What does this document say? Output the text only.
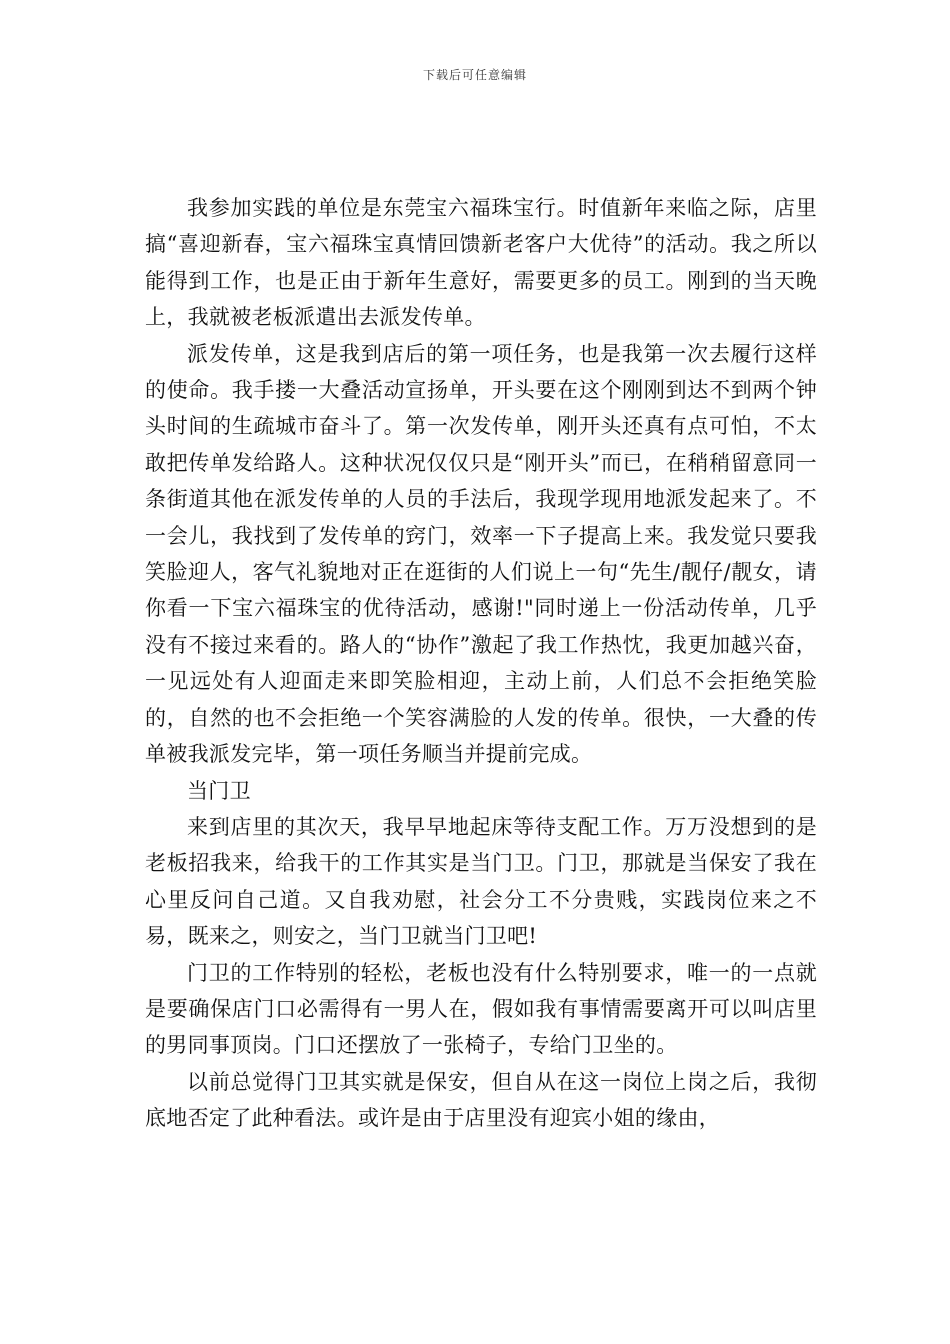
下载后可任意编辑

我参加实践的单位是东莞宝六福珠宝行。时值新年来临之际，店里搞“喜迎新春，宝六福珠宝真情回馈新老客户大优待”的活动。我之所以能得到工作，也是正由于新年生意好，需要更多的员工。刚到的当天晚上，我就被老板派遣出去派发传单。

派发传单，这是我到店后的第一项任务，也是我第一次去履行这样的使命。我手搂一大叠活动宣扬单，开头要在这个刚刚到达不到两个钟头时间的生疏城市奋斗了。第一次发传单，刚开头还真有点可怕，不太敢把传单发给路人。这种状况仅仅只是“刚开头”而已，在稍稍留意同一条街道其他在派发传单的人员的手法后，我现学现用地派发起来了。不一会儿，我找到了发传单的窍门，效率一下子提高上来。我发觉只要我笑脸迎人，客气礼貌地对正在逛街的人们说上一句“先生/靓仔/靓女，请你看一下宝六福珠宝的优待活动，感谢!"同时递上一份活动传单，几乎没有不接过来看的。路人的“协作”激起了我工作热忱，我更加越兴奋，一见远处有人迎面走来即笑脸相迎，主动上前，人们总不会拒绝笑脸的，自然的也不会拒绝一个笑容满脸的人发的传单。很快，一大叠的传单被我派发完毕，第一项任务顺当并提前完成。

当门卫

来到店里的其次天，我早早地起床等待支配工作。万万没想到的是老板招我来，给我干的工作其实是当门卫。门卫，那就是当保安了我在心里反问自己道。又自我劝慰，社会分工不分贵贱，实践岗位来之不易，既来之，则安之，当门卫就当门卫吧!

门卫的工作特别的轻松，老板也没有什么特别要求，唯一的一点就是要确保店门口必需得有一男人在，假如我有事情需要离开可以叫店里的男同事顶岗。门口还摆放了一张椅子，专给门卫坐的。

以前总觉得门卫其实就是保安，但自从在这一岗位上岗之后，我彻底地否定了此种看法。或许是由于店里没有迎宾小姐的缘由，
